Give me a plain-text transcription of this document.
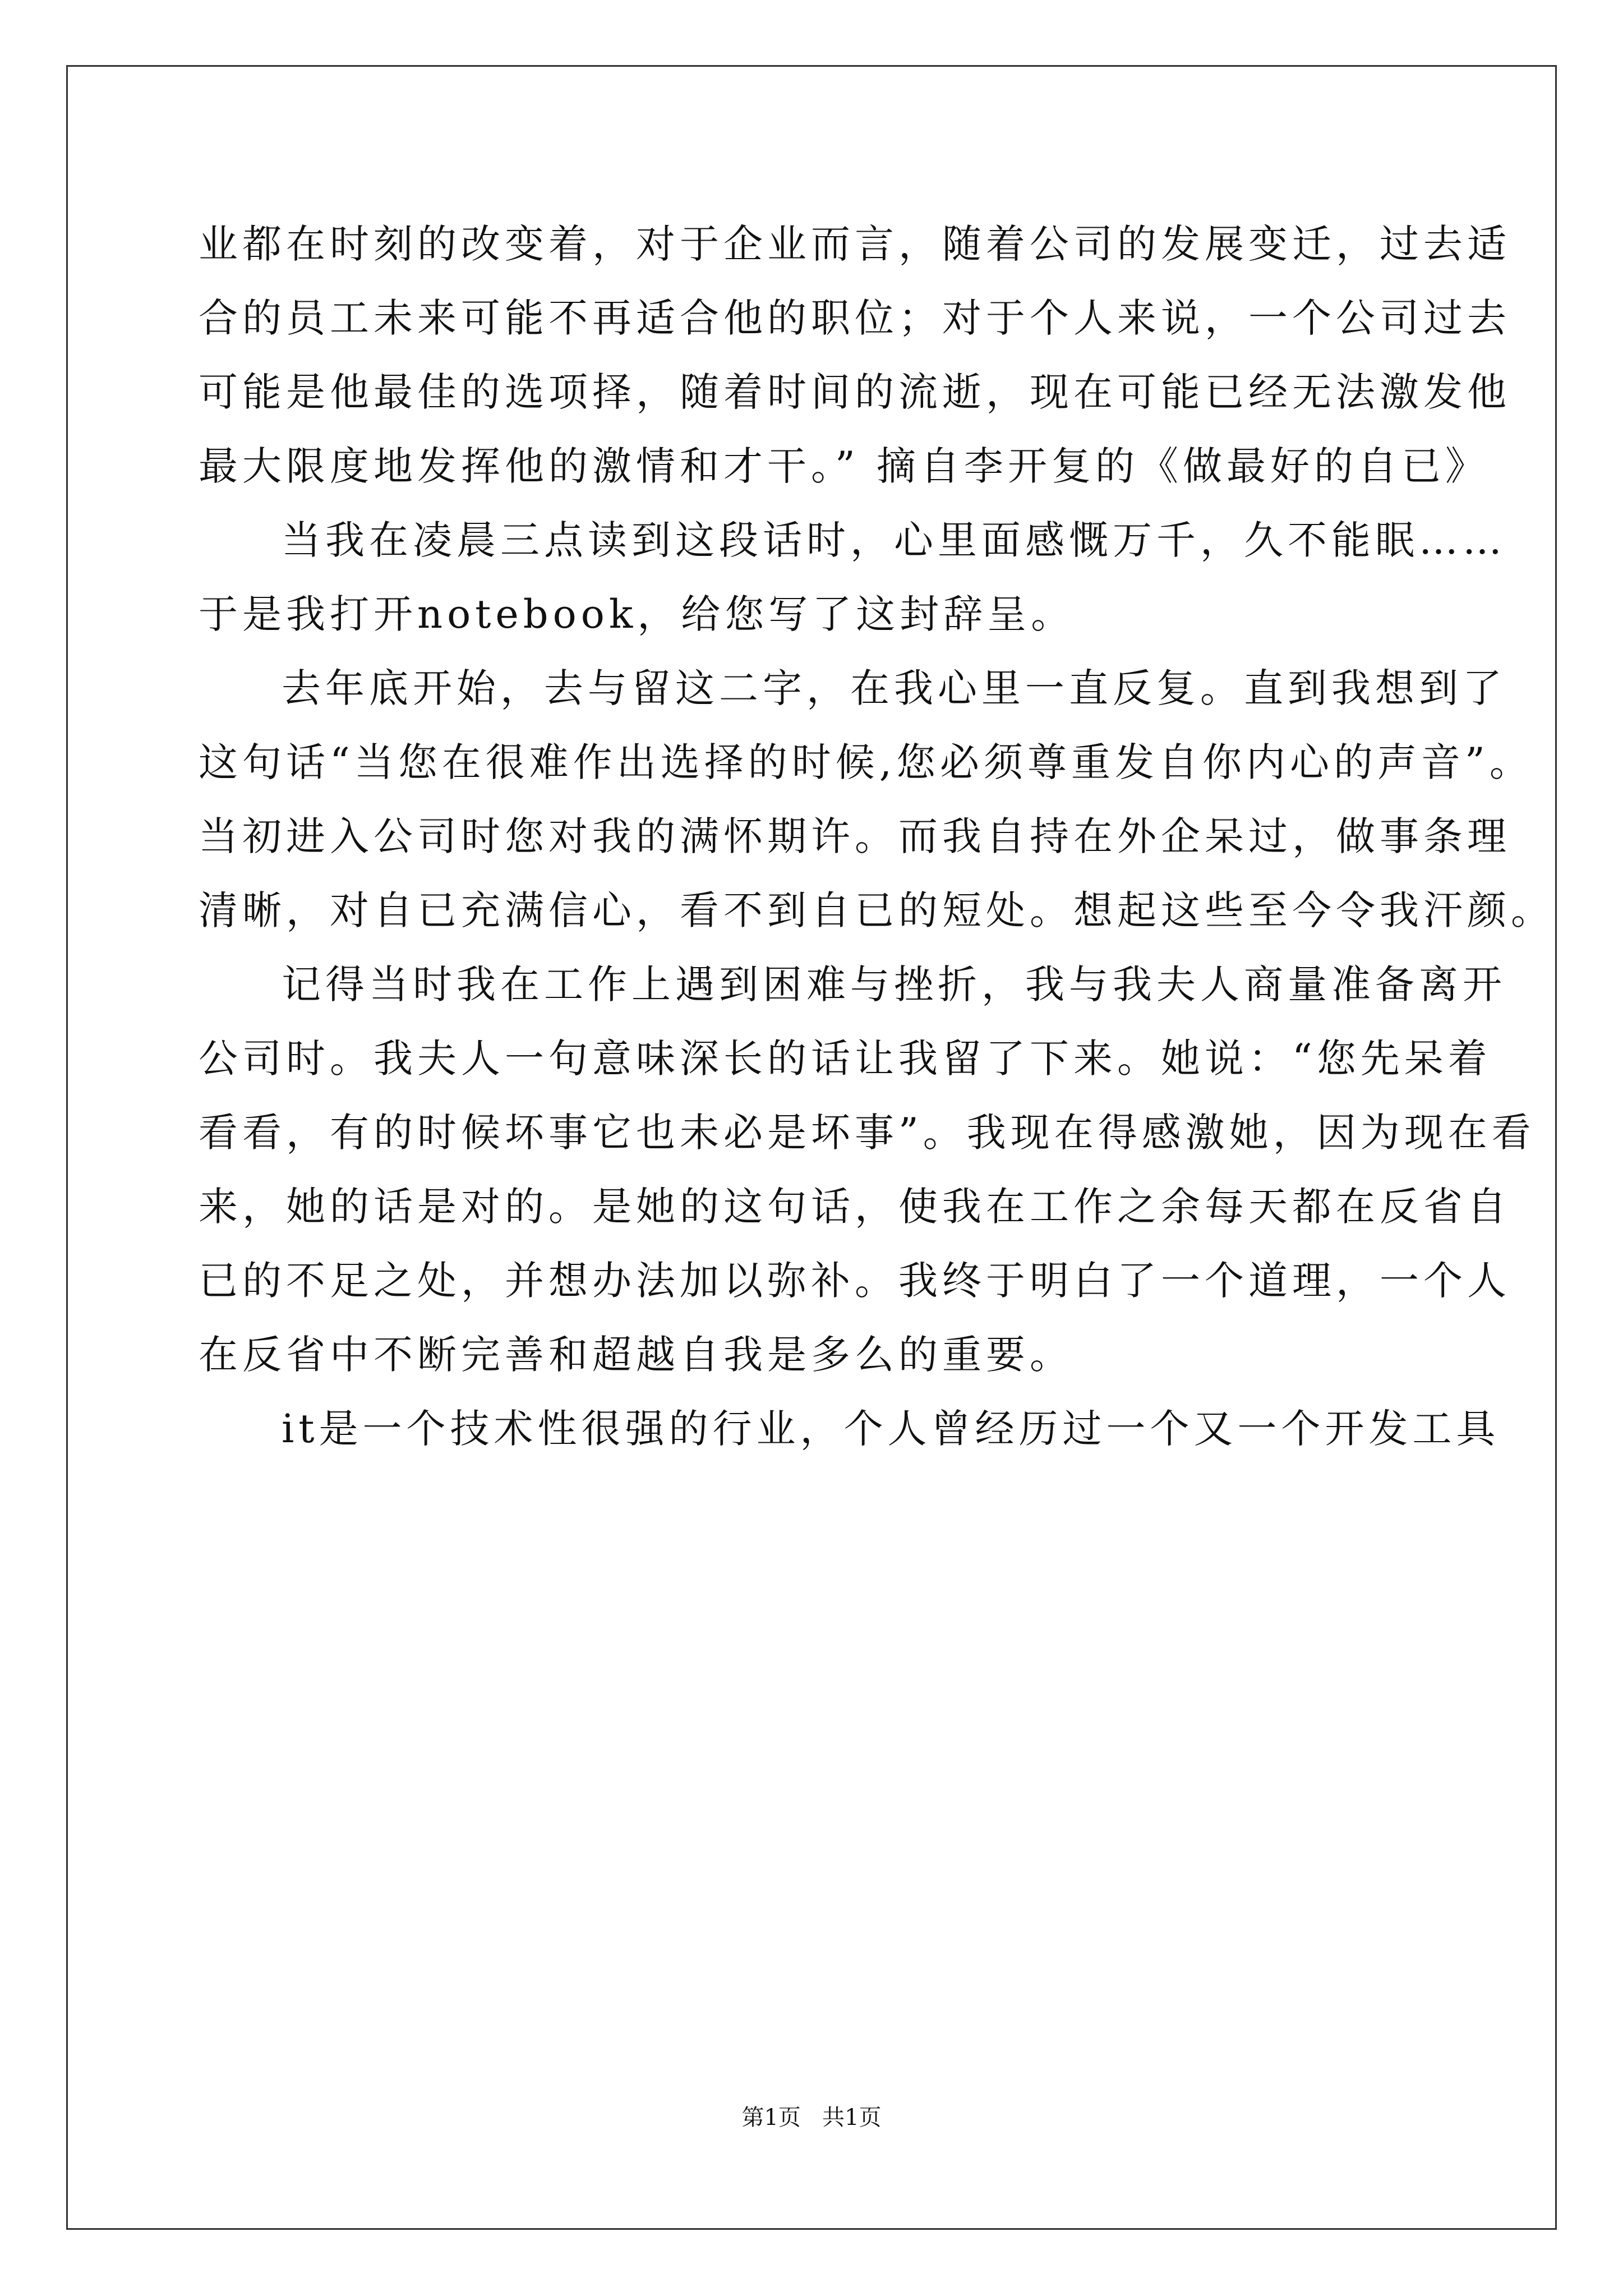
业都在时刻的改变着，对于企业而言，随着公司的发展变迁，过去适

合的员工未来可能不再适合他的职位；对于个人来说，一个公司过去

可能是他最佳的选项择，随着时间的流逝，现在可能已经无法激发他

最大限度地发挥他的激情和才干。” 摘自李开复的《做最好的自已》

当我在凌晨三点读到这段话时，心里面感慨万千，久不能眠……

于是我打开notebook，给您写了这封辞呈。

去年底开始，去与留这二字，在我心里一直反复。直到我想到了

这句话“当您在很难作出选择的时候,您必须尊重发自你内心的声音”。

当初进入公司时您对我的满怀期许。而我自持在外企呆过，做事条理

清晰，对自已充满信心，看不到自已的短处。想起这些至今令我汗颜。

记得当时我在工作上遇到困难与挫折，我与我夫人商量准备离开

公司时。我夫人一句意味深长的话让我留了下来。她说：“您先呆着

看看，有的时候坏事它也未必是坏事”。我现在得感激她，因为现在看

来，她的话是对的。是她的这句话，使我在工作之余每天都在反省自

已的不足之处，并想办法加以弥补。我终于明白了一个道理，一个人

在反省中不断完善和超越自我是多么的重要。

it是一个技术性很强的行业，个人曾经历过一个又一个开发工具

第1页   共1页
